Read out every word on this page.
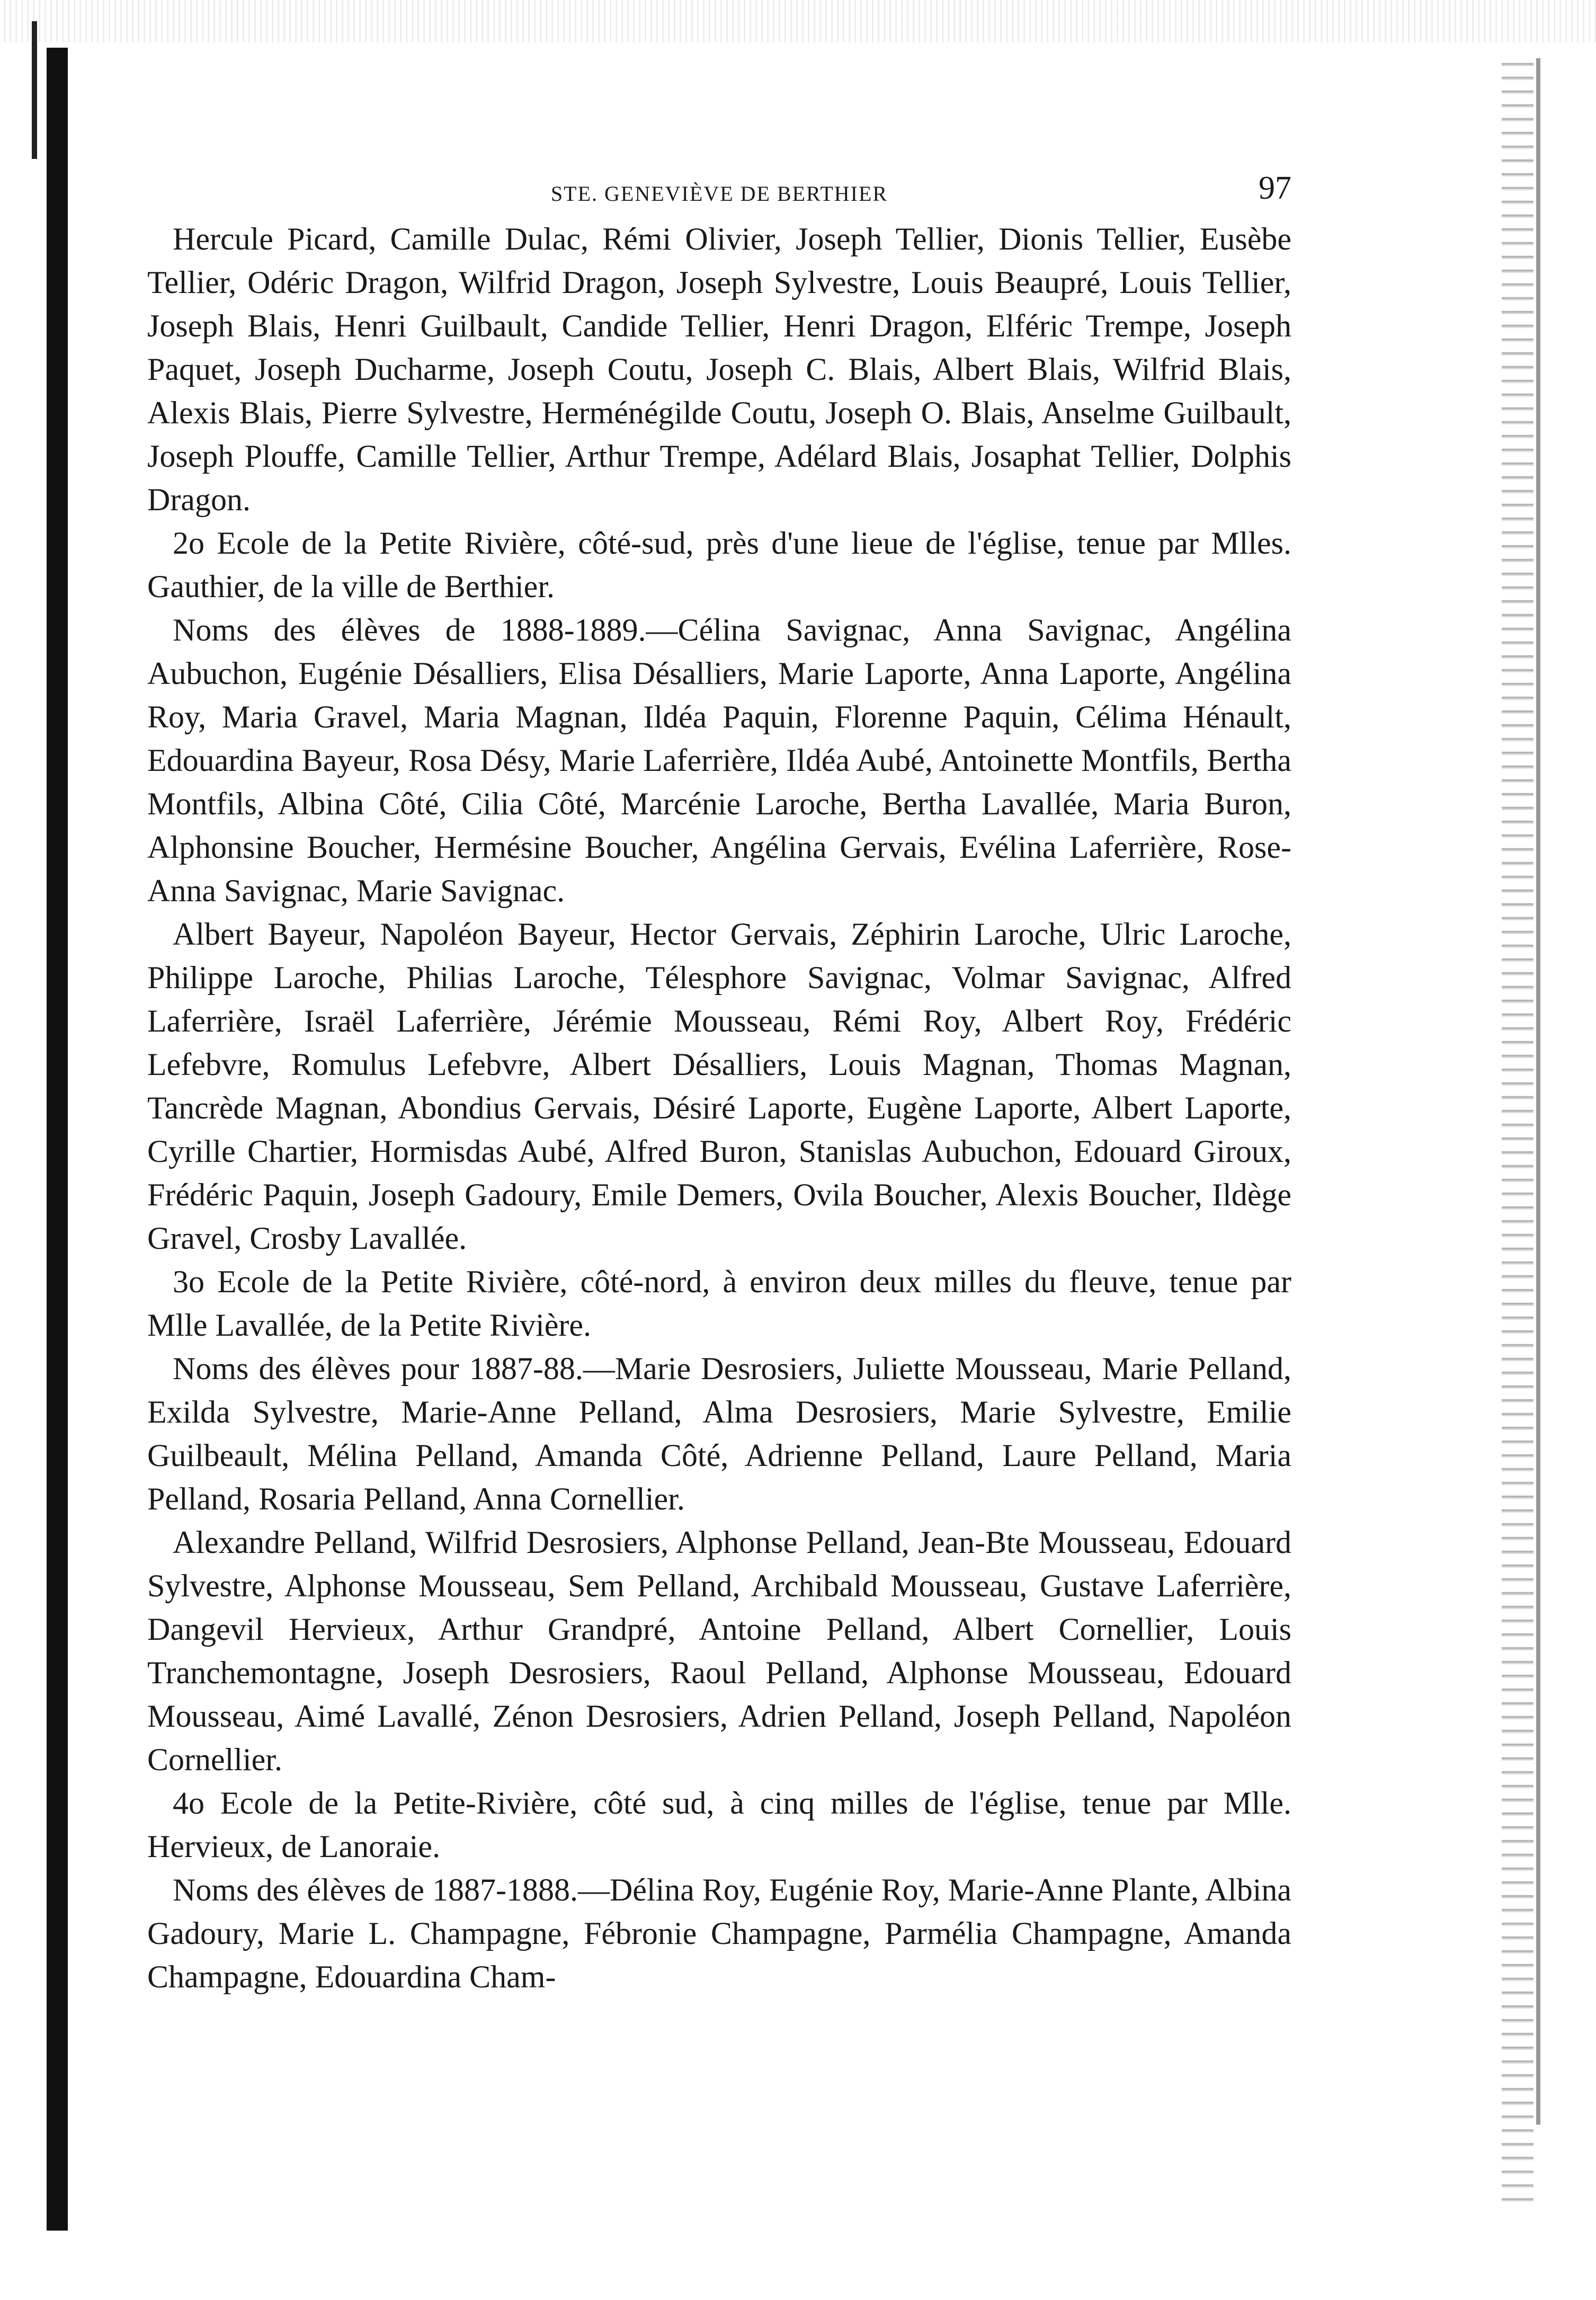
STE. GENEVIÈVE DE BERTHIER	97

Hercule Picard, Camille Dulac, Rémi Olivier, Joseph Tellier, Dionis Tellier, Eusèbe Tellier, Odéric Dragon, Wilfrid Dragon, Joseph Sylvestre, Louis Beaupré, Louis Tellier, Joseph Blais, Henri Guilbault, Candide Tellier, Henri Dragon, Elféric Trempe, Joseph Paquet, Joseph Ducharme, Joseph Coutu, Joseph C. Blais, Albert Blais, Wilfrid Blais, Alexis Blais, Pierre Sylvestre, Herménégilde Coutu, Joseph O. Blais, Anselme Guilbault, Joseph Plouffe, Camille Tellier, Arthur Trempe, Adélard Blais, Josaphat Tellier, Dolphis Dragon.

2o Ecole de la Petite Rivière, côté-sud, près d'une lieue de l'église, tenue par Mlles. Gauthier, de la ville de Berthier.

Noms des élèves de 1888-1889.—Célina Savignac, Anna Savignac, Angélina Aubuchon, Eugénie Désalliers, Elisa Désalliers, Marie Laporte, Anna Laporte, Angélina Roy, Maria Gravel, Maria Magnan, Ildéa Paquin, Florenne Paquin, Célima Hénault, Edouardina Bayeur, Rosa Désy, Marie Laferrière, Ildéa Aubé, Antoinette Montfils, Bertha Montfils, Albina Côté, Cilia Côté, Marcénie Laroche, Bertha Lavallée, Maria Buron, Alphonsine Boucher, Hermésine Boucher, Angélina Gervais, Evélina Laferrière, Rose-Anna Savignac, Marie Savignac.

Albert Bayeur, Napoléon Bayeur, Hector Gervais, Zéphirin Laroche, Ulric Laroche, Philippe Laroche, Philias Laroche, Télesphore Savignac, Volmar Savignac, Alfred Laferrière, Israël Laferrière, Jérémie Mousseau, Rémi Roy, Albert Roy, Frédéric Lefebvre, Romulus Lefebvre, Albert Désalliers, Louis Magnan, Thomas Magnan, Tancrède Magnan, Abondius Gervais, Désiré Laporte, Eugène Laporte, Albert Laporte, Cyrille Chartier, Hormisdas Aubé, Alfred Buron, Stanislas Aubuchon, Edouard Giroux, Frédéric Paquin, Joseph Gadoury, Emile Demers, Ovila Boucher, Alexis Boucher, Ildège Gravel, Crosby Lavallée.

3o Ecole de la Petite Rivière, côté-nord, à environ deux milles du fleuve, tenue par Mlle Lavallée, de la Petite Rivière.

Noms des élèves pour 1887-88.—Marie Desrosiers, Juliette Mousseau, Marie Pelland, Exilda Sylvestre, Marie-Anne Pelland, Alma Desrosiers, Marie Sylvestre, Emilie Guilbeault, Mélina Pelland, Amanda Côté, Adrienne Pelland, Laure Pelland, Maria Pelland, Rosaria Pelland, Anna Cornellier.

Alexandre Pelland, Wilfrid Desrosiers, Alphonse Pelland, Jean-Bte Mousseau, Edouard Sylvestre, Alphonse Mousseau, Sem Pelland, Archibald Mousseau, Gustave Laferrière, Dangevil Hervieux, Arthur Grandpré, Antoine Pelland, Albert Cornellier, Louis Tranchemontagne, Joseph Desrosiers, Raoul Pelland, Alphonse Mousseau, Edouard Mousseau, Aimé Lavallé, Zénon Desrosiers, Adrien Pelland, Joseph Pelland, Napoléon Cornellier.

4o Ecole de la Petite-Rivière, côté sud, à cinq milles de l'église, tenue par Mlle. Hervieux, de Lanoraie.

Noms des élèves de 1887-1888.—Délina Roy, Eugénie Roy, Marie-Anne Plante, Albina Gadoury, Marie L. Champagne, Fébronie Champagne, Parmélia Champagne, Amanda Champagne, Edouardina Cham-
